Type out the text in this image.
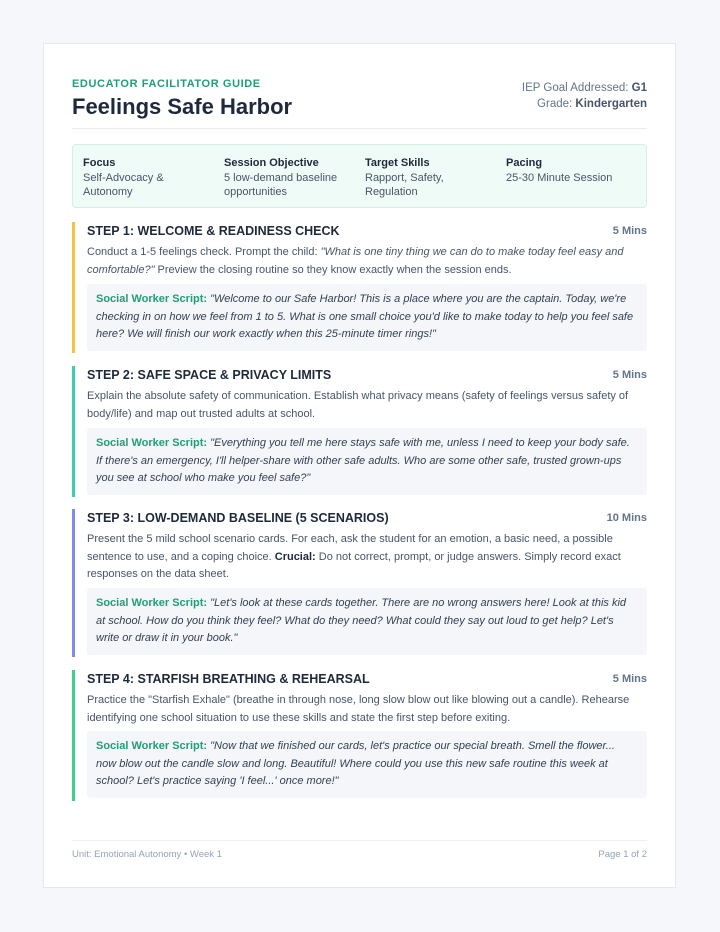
EDUCATOR FACILITATOR GUIDE
Feelings Safe Harbor
IEP Goal Addressed: G1
Grade: Kindergarten
Focus
Self-Advocacy & Autonomy
Session Objective
5 low-demand baseline opportunities
Target Skills
Rapport, Safety, Regulation
Pacing
25-30 Minute Session
STEP 1: WELCOME & READINESS CHECK	5 Mins
Conduct a 1-5 feelings check. Prompt the child: "What is one tiny thing we can do to make today feel easy and comfortable?" Preview the closing routine so they know exactly when the session ends.
Social Worker Script: "Welcome to our Safe Harbor! This is a place where you are the captain. Today, we're checking in on how we feel from 1 to 5. What is one small choice you'd like to make today to help you feel safe here? We will finish our work exactly when this 25-minute timer rings!"
STEP 2: SAFE SPACE & PRIVACY LIMITS	5 Mins
Explain the absolute safety of communication. Establish what privacy means (safety of feelings versus safety of body/life) and map out trusted adults at school.
Social Worker Script: "Everything you tell me here stays safe with me, unless I need to keep your body safe. If there's an emergency, I'll helper-share with other safe adults. Who are some other safe, trusted grown-ups you see at school who make you feel safe?"
STEP 3: LOW-DEMAND BASELINE (5 SCENARIOS)	10 Mins
Present the 5 mild school scenario cards. For each, ask the student for an emotion, a basic need, a possible sentence to use, and a coping choice. Crucial: Do not correct, prompt, or judge answers. Simply record exact responses on the data sheet.
Social Worker Script: "Let's look at these cards together. There are no wrong answers here! Look at this kid at school. How do you think they feel? What do they need? What could they say out loud to get help? Let's write or draw it in your book."
STEP 4: STARFISH BREATHING & REHEARSAL	5 Mins
Practice the "Starfish Exhale" (breathe in through nose, long slow blow out like blowing out a candle). Rehearse identifying one school situation to use these skills and state the first step before exiting.
Social Worker Script: "Now that we finished our cards, let's practice our special breath. Smell the flower... now blow out the candle slow and long. Beautiful! Where could you use this new safe routine this week at school? Let's practice saying 'I feel...' once more!"
Unit: Emotional Autonomy • Week 1	Page 1 of 2
